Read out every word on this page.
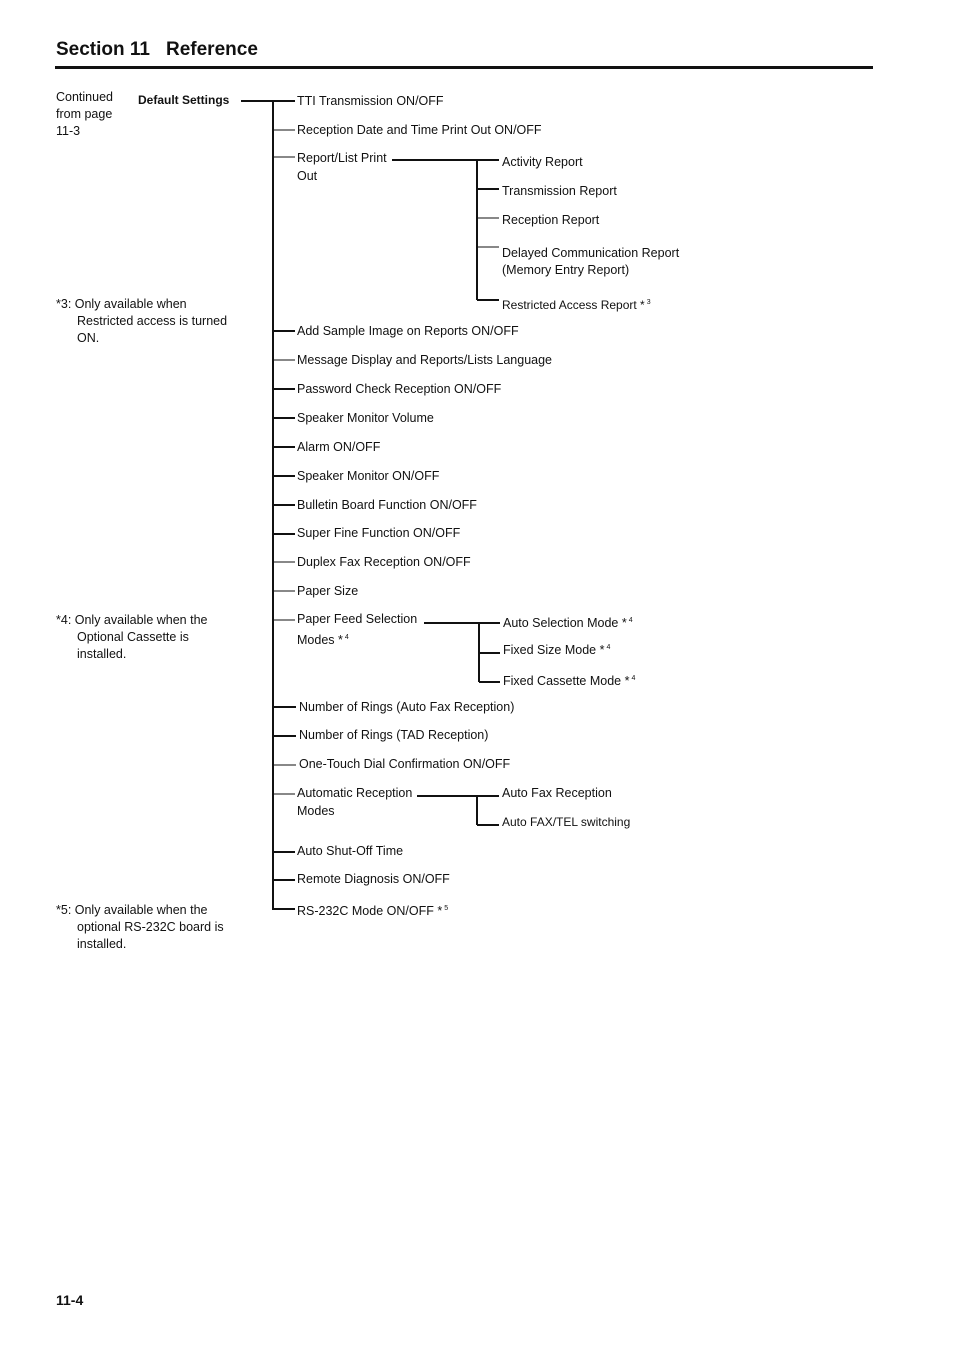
Section 11 Reference
Continued
from page
11-3
Default Settings	TTI Transmission ON/OFF
Reception Date and Time Print Out ON/OFF
Report/List Print
Out
Add Sample Image on Reports ON/OFF
Message Display and Reports/Lists Language
Password Check Reception ON/OFF
Speaker Monitor Volume
Alarm ON/OFF
Speaker Monitor ON/OFF
Bulletin Board Function ON/OFF
Super Fine Function ON/OFF
Duplex Fax Reception ON/OFF
Paper Size
Paper Feed Selection
Modes * $^4$
Number of Rings (Auto Fax Reception)
Number of Rings (TAD Reception)
One-Touch Dial Confirmation ON/OFF
Automatic Reception
Modes
Auto Shut-Off Time
Remote Diagnosis ON/OFF
RS-232C Mode ON/OFF * $^5$
Activity Report
Transmission Report
Reception Report
Delayed Communication Report
(Memory Entry Report)
Restricted Access Report * $^3$
Auto Selection Mode * $^4$
Fixed Size Mode * $^4$
Fixed Cassette Mode * $^4$
Auto Fax Reception
Auto FAX/TEL switching
*3: Only available when
Restricted access is turned
ON.
*4: Only available when the
Optional Cassette is
installed.
*5: Only available when the
optional RS-232C board is
installed.
11-4
